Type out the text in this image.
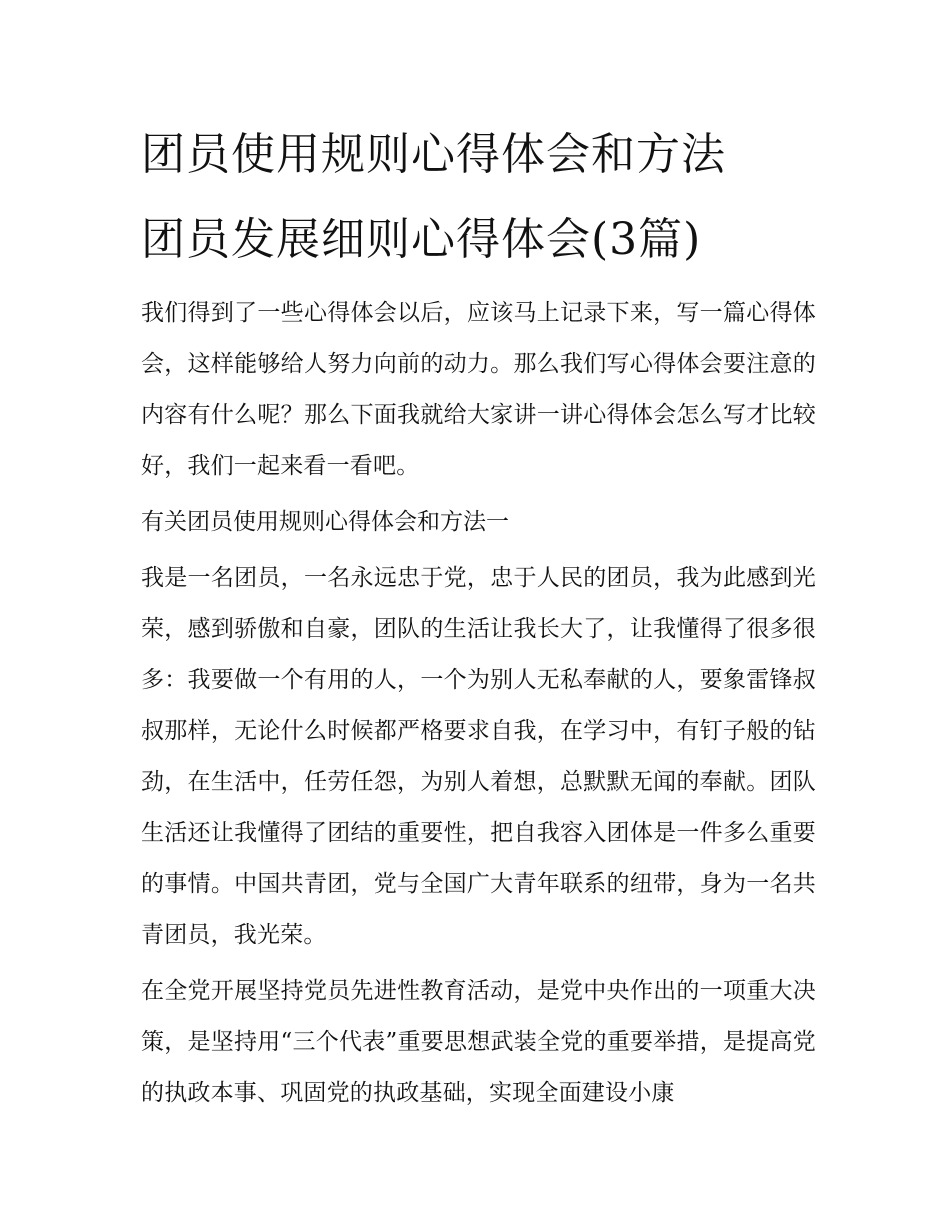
团员使用规则心得体会和方法
团员发展细则心得体会(3篇)

我们得到了一些心得体会以后，应该马上记录下来，写一篇心得体会，这样能够给人努力向前的动力。那么我们写心得体会要注意的内容有什么呢？那么下面我就给大家讲一讲心得体会怎么写才比较好，我们一起来看一看吧。

有关团员使用规则心得体会和方法一

我是一名团员，一名永远忠于党，忠于人民的团员，我为此感到光荣，感到骄傲和自豪，团队的生活让我长大了，让我懂得了很多很多：我要做一个有用的人，一个为别人无私奉献的人，要象雷锋叔叔那样，无论什么时候都严格要求自我，在学习中，有钉子般的钻劲，在生活中，任劳任怨，为别人着想，总默默无闻的奉献。团队生活还让我懂得了团结的重要性，把自我容入团体是一件多么重要的事情。中国共青团，党与全国广大青年联系的纽带，身为一名共青团员，我光荣。

在全党开展坚持党员先进性教育活动，是党中央作出的一项重大决策，是坚持用“三个代表”重要思想武装全党的重要举措，是提高党的执政本事、巩固党的执政基础，实现全面建设小康
